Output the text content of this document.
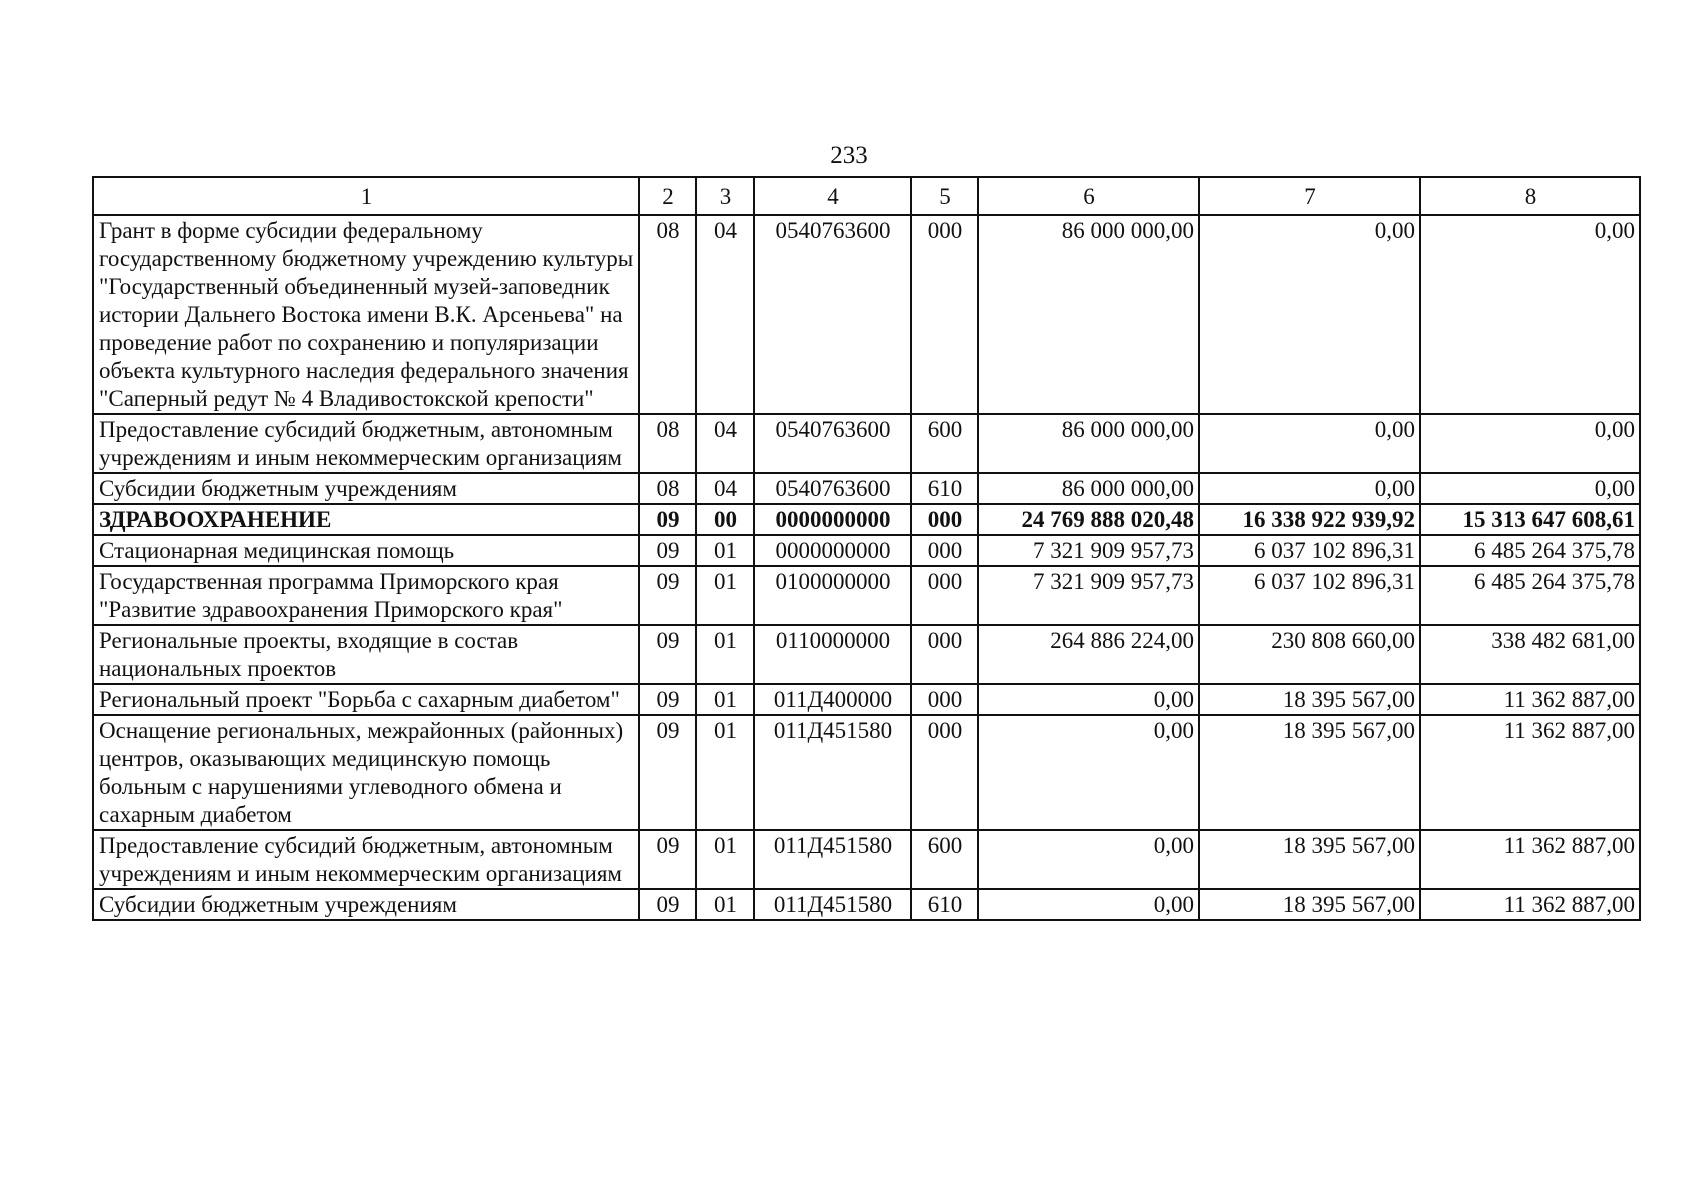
233
1	2	3	4	5	6	7	8
Грант в форме субсидии федеральному государственному бюджетному учреждению культуры "Государственный объединенный музей-заповедник истории Дальнего Востока имени В.К. Арсеньева" на проведение работ по сохранению и популяризации объекта культурного наследия федерального значения "Саперный редут № 4 Владивостокской крепости"	08	04	0540763600	000	86 000 000,00	0,00	0,00
Предоставление субсидий бюджетным, автономным учреждениям и иным некоммерческим организациям	08	04	0540763600	600	86 000 000,00	0,00	0,00
Субсидии бюджетным учреждениям	08	04	0540763600	610	86 000 000,00	0,00	0,00
ЗДРАВООХРАНЕНИЕ	09	00	0000000000	000	24 769 888 020,48	16 338 922 939,92	15 313 647 608,61
Стационарная медицинская помощь	09	01	0000000000	000	7 321 909 957,73	6 037 102 896,31	6 485 264 375,78
Государственная программа Приморского края "Развитие здравоохранения Приморского края"	09	01	0100000000	000	7 321 909 957,73	6 037 102 896,31	6 485 264 375,78
Региональные проекты, входящие в состав национальных проектов	09	01	0110000000	000	264 886 224,00	230 808 660,00	338 482 681,00
Региональный проект "Борьба с сахарным диабетом"	09	01	011Д400000	000	0,00	18 395 567,00	11 362 887,00
Оснащение региональных, межрайонных (районных) центров, оказывающих медицинскую помощь больным с нарушениями углеводного обмена и сахарным диабетом	09	01	011Д451580	000	0,00	18 395 567,00	11 362 887,00
Предоставление субсидий бюджетным, автономным учреждениям и иным некоммерческим организациям	09	01	011Д451580	600	0,00	18 395 567,00	11 362 887,00
Субсидии бюджетным учреждениям	09	01	011Д451580	610	0,00	18 395 567,00	11 362 887,00
